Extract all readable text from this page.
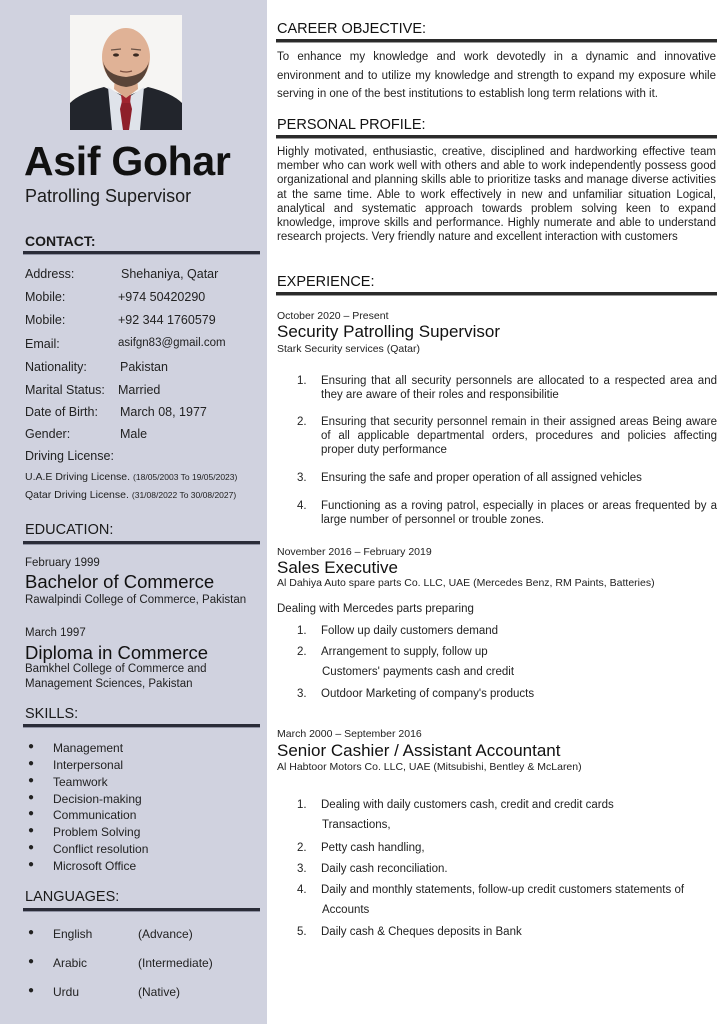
Asif Gohar
Patrolling Supervisor
CONTACT:
Address:	Shehaniya, Qatar
Mobile:	+974 50420290
Mobile:	+92 344 1760579
Email:	asifgn83@gmail.com
Nationality:	Pakistan
Marital Status: Married
Date of Birth: March 08, 1977
Gender:	Male
Driving License:
U.A.E Driving License. (18/05/2003 To 19/05/2023)
Qatar Driving License. (31/08/2022 To 30/08/2027)
EDUCATION:
February 1999
Bachelor of Commerce
Rawalpindi College of Commerce, Pakistan
March 1997
Diploma in Commerce
Bamkhel College of Commerce and Management Sciences, Pakistan
SKILLS:
● Management
● Interpersonal
● Teamwork
● Decision-making
● Communication
● Problem Solving
● Conflict resolution
● Microsoft Office
LANGUAGES:
● English	(Advance)
● Arabic	(Intermediate)
● Urdu	(Native)
CAREER OBJECTIVE:
To enhance my knowledge and work devotedly in a dynamic and innovative environment and to utilize my knowledge and strength to expand my exposure while serving in one of the best institutions to establish long term relations with it.
PERSONAL PROFILE:
Highly motivated, enthusiastic, creative, disciplined and hardworking effective team member who can work well with others and able to work independently possess good organizational and planning skills able to prioritize tasks and manage diverse activities at the same time. Able to work effectively in new and unfamiliar situation Logical, analytical and systematic approach towards problem solving keen to expand knowledge, improve skills and performance. Highly numerate and able to understand research projects. Very friendly nature and excellent interaction with customers
EXPERIENCE:
October 2020 – Present
Security Patrolling Supervisor
Stark Security services (Qatar)
1. Ensuring that all security personnels are allocated to a respected area and they are aware of their roles and responsibilitie
2. Ensuring that security personnel remain in their assigned areas Being aware of all applicable departmental orders, procedures and policies affecting proper duty performance
3. Ensuring the safe and proper operation of all assigned vehicles
4. Functioning as a roving patrol, especially in places or areas frequented by a large number of personnel or trouble zones.
November 2016 – February 2019
Sales Executive
Al Dahiya Auto spare parts Co. LLC, UAE (Mercedes Benz, RM Paints, Batteries)
Dealing with Mercedes parts preparing
1. Follow up daily customers demand
2. Arrangement to supply, follow up
Customers' payments cash and credit
3. Outdoor Marketing of company's products
March 2000 – September 2016
Senior Cashier / Assistant Accountant
Al Habtoor Motors Co. LLC, UAE (Mitsubishi, Bentley & McLaren)
1. Dealing with daily customers cash, credit and credit cards
Transactions,
2. Petty cash handling,
3. Daily cash reconciliation.
4. Daily and monthly statements, follow-up credit customers statements of
Accounts
5. Daily cash & Cheques deposits in Bank
